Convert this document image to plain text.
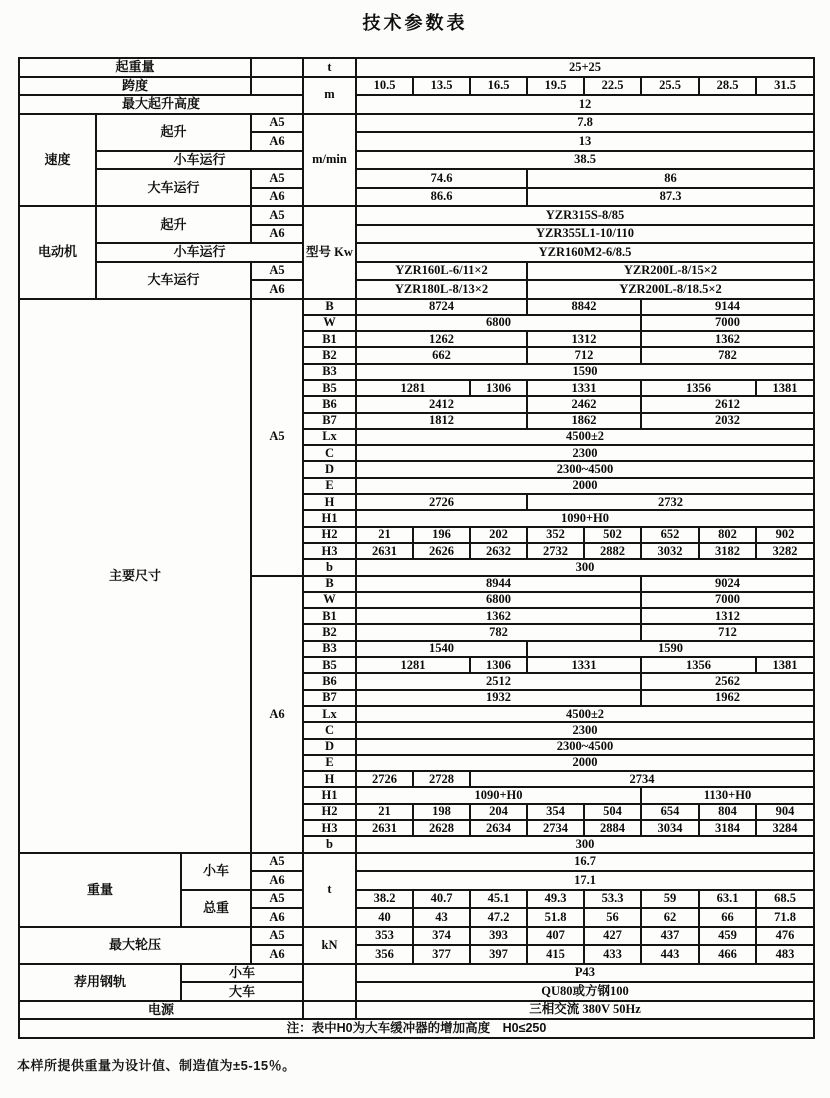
技术参数表
起重量				t	25+25							
跨度				m	10.5	13.5	16.5	19.5	22.5	25.5	28.5	31.5
最大起升高度					12							
速度	起升		A5	m/min	7.8							
			A6		13							
	小车运行				38.5							
	大车运行		A5		74.6			86				
			A6		86.6			87.3				
电动机	起升		A5	型号 Kw	YZR315S-8/85							
			A6		YZR355L1-10/110							
	小车运行				YZR160M2-6/8.5							
	大车运行		A5		YZR160L-6/11×2			YZR200L-8/15×2				
			A6		YZR180L-8/13×2			YZR200L-8/18.5×2				
主要尺寸			A5	B	8724			8842		9144		
				W	6800					7000		
				B1	1262			1312		1362		
				B2	662			712		782		
				B3	1590							
				B5	1281		1306	1331		1356		1381
				B6	2412			2462		2612		
				B7	1812			1862		2032		
				Lx	4500±2							
				C	2300							
				D	2300~4500							
				E	2000							
				H	2726			2732				
				H1	1090+H0							
				H2	21	196	202	352	502	652	802	902
				H3	2631	2626	2632	2732	2882	3032	3182	3282
				b	300							
			A6	B	8944					9024		
				W	6800					7000		
				B1	1362					1312		
				B2	782					712		
				B3	1540			1590				
				B5	1281		1306	1331		1356		1381
				B6	2512					2562		
				B7	1932					1962		
				Lx	4500±2							
				C	2300							
				D	2300~4500							
				E	2000							
				H	2726	2728	2734					
				H1	1090+H0					1130+H0		
				H2	21	198	204	354	504	654	804	904
				H3	2631	2628	2634	2734	2884	3034	3184	3284
				b	300							
重量		小车	A5	t	16.7							
			A6		17.1							
		总重	A5		38.2	40.7	45.1	49.3	53.3	59	63.1	68.5
			A6		40	43	47.2	51.8	56	62	66	71.8
最大轮压			A5	kN	353	374	393	407	427	437	459	476
			A6		356	377	397	415	433	443	466	483
荐用钢轨		小车			P43							
		大车			QU80或方钢100							
电源					三相交流 380V 50Hz							
注：表中H0为大车缓冲器的增加高度　H0≤250												
本样所提供重量为设计值、制造值为±5-15％。
